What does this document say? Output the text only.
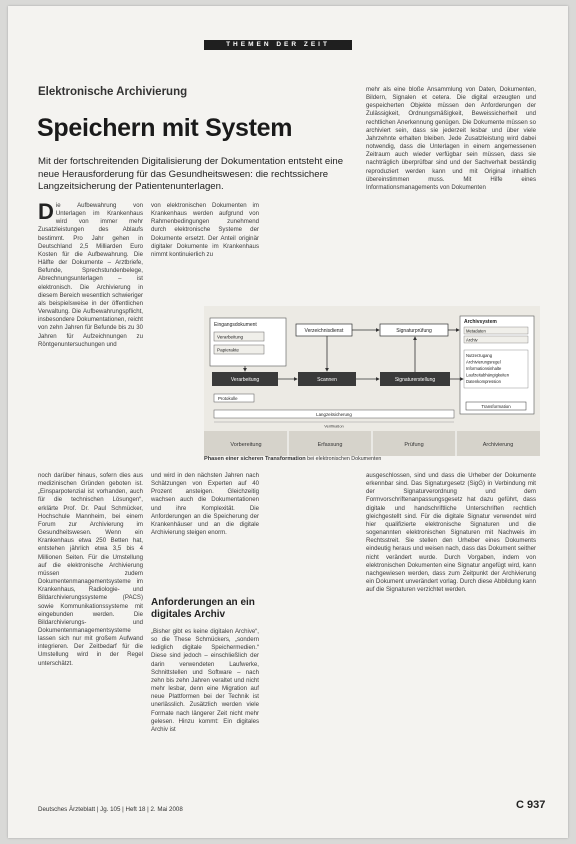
THEMEN DER ZEIT
Elektronische Archivierung
Speichern mit System
Mit der fortschreitenden Digitalisierung der Dokumentation entsteht eine neue Herausforderung für das Gesundheitswesen: die rechtssichere Langzeitsicherung der Patientenunterlagen.
D ie Aufbewahrung von Unterlagen im Krankenhaus wird von immer mehr Zusatzleistungen des Ablaufs bestimmt. Pro Jahr gehen in Deutschland 2,5 Milliarden Euro Kosten für die Aufbewahrung. Die Hälfte der Dokumente – Arztbriefe, Befunde, Sprechstundenbelege, Abrechnungsunterlagen – ist elektronisch. Die Archivierung in diesem Bereich wesentlich schwieriger als beispielsweise in der öffentlichen Verwaltung. Die Aufbewahrungspflicht, insbesondere Dokumentationen, reicht von zehn Jahren für Befunde bis zu 30 Jahren für Aufzeichnungen zu Röntgenuntersuchungen und
von elektronischen Dokumenten im Krankenhaus werden aufgrund von Rahmenbedingungen zunehmend durch elektronische Systeme der Dokumente ersetzt. Der Anteil originär digitaler Dokumente im Krankenhaus nimmt kontinuierlich zu
mehr als eine bloße Ansammlung von Daten, Dokumenten, Bildern, Signalen et cetera. Die digital erzeugten und gespeicherten Objekte müssen den Anforderungen der Zulässigkeit, Ordnungsmäßigkeit, Beweissicherheit und rechtlichen Anerkennung genügen. Die Dokumente müssen so archiviert sein, dass sie jederzeit lesbar und über viele Jahrzehnte erhalten bleiben. Jede Zusatzleistung wird dabei notwendig, dass die Unterlagen in einem angemessenen Zeitraum auch wieder verfügbar sein müssen, dass sie nachträglich überprüfbar sind und der Sachverhalt beständig reproduziert werden kann und mit Original inhaltlich übereinstimmen muss. Mit Hilfe eines Informationsmanagements von Dokumenten
Vorbereitung	Erfassung	Prüfung	Archivierung
Eingangsdokument
Verarbeitung
Papierakte
Verzeichnisdienst	Signaturprüfung
Archivsystem
Metadaten
Archiv
Nutzerzugang
Archivierungsregel
Informationsinhalte
Laufzeitabhängigkeiten
Datenkompression
Transformation
Verarbeitung	Scannen	Signaturerstellung
Protokolle
Langzeitsicherung
Verifikation
Phasen einer sicheren Transformation bei elektronischen Dokumenten
noch darüber hinaus, sofern dies aus medizinischen Gründen geboten ist. „Einsparpotenzial ist vorhanden, auch für die technischen Lösungen“, erklärte Prof. Dr. Paul Schmücker, Hochschule Mannheim, bei einem Forum zur Archivierung im Gesundheitswesen. Wenn ein Krankenhaus etwa 250 Betten hat, entstehen jährlich etwa 3,5 bis 4 Millionen Seiten. Für die Umstellung auf die elektronische Archivierung müssen zudem Dokumentenmanagementsysteme im Krankenhaus, Radiologie- und Bildarchivierungssysteme (PACS) sowie Kommunikationssysteme mit eingebunden werden. Die Bildarchivierungs- und Dokumentenmanagementsysteme lassen sich nur mit großem Aufwand integrieren. Der Zeitbedarf für die Umstellung wird in der Regel unterschätzt.
und wird in den nächsten Jahren nach Schätzungen von Experten auf 40 Prozent ansteigen. Gleichzeitig wachsen auch die Dokumentationen und ihre Komplexität. Die Anforderungen an die Speicherung der Krankenhäuser und an die digitale Archivierung steigen enorm.
Anforderungen an ein digitales Archiv
„Bisher gibt es keine digitalen Archive“, so die These Schmückers, „sondern lediglich digitale Speichermedien.“ Diese sind jedoch – einschließlich der darin verwendeten Laufwerke, Schnittstellen und Software – nach zehn bis zehn Jahren veraltet und nicht mehr lesbar, denn eine Migration auf neue Plattformen bei der Technik ist unerlässlich. Zusätzlich werden viele Formate nach längerer Zeit nicht mehr gelesen. Hinzu kommt: Ein digitales Archiv ist
ausgeschlossen, sind und dass die Urheber der Dokumente erkennbar sind. Das Signaturgesetz (SigG) in Verbindung mit der Signaturverordnung und dem Formvorschriftenanpassungsgesetz hat dazu geführt, dass digitale und handschriftliche Unterschriften rechtlich gleichgestellt sind. Für die digitale Signatur verwendet wird hier qualifizierte elektronische Signaturen und die sogenannten elektronischen Signaturen mit Nachweis im Rechtsstreit. Sie stellen den Urheber eines Dokuments eindeutig heraus und weisen nach, dass das Dokument seither nicht verändert wurde. Durch Vorgaben, indem von elektronischen Dokumenten eine Signatur angefügt wird, kann nachgewiesen werden, dass zum Zeitpunkt der Archivierung ein Dokument unverändert vorlag. Durch diese Abbildung kann auf die Signaturen verzichtet werden.
Deutsches Ärzteblatt | Jg. 105 | Heft 18 | 2. Mai 2008	C 937
